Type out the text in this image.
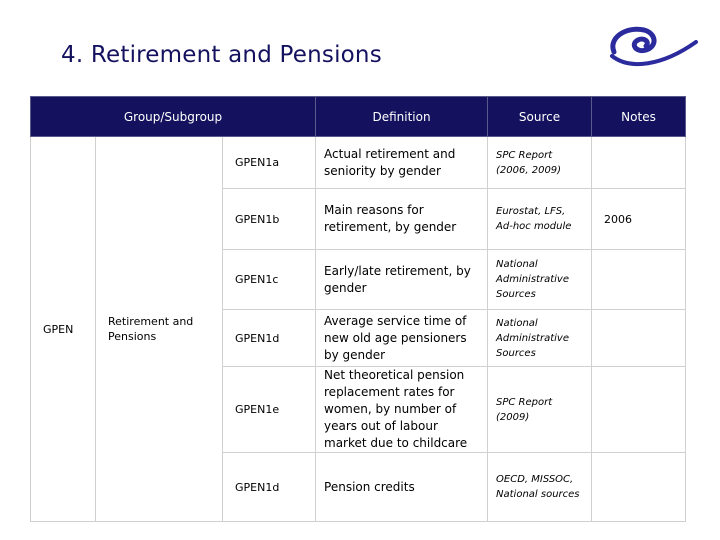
4. Retirement and Pensions
Group/Subgroup			Definition	Source	Notes
GPEN	Retirement and Pensions	GPEN1a	Actual retirement and seniority by gender	SPC Report (2006, 2009)	
		GPEN1b	Main reasons for retirement, by gender	Eurostat, LFS, Ad-hoc module	2006
		GPEN1c	Early/late retirement, by gender	National Administrative Sources	
		GPEN1d	Average service time of new old age pensioners by gender	National Administrative Sources	
		GPEN1e	Net theoretical pension replacement rates for women, by number of years out of labour market due to childcare	SPC Report (2009)	
		GPEN1d	Pension credits	OECD, MISSOC, National sources	
